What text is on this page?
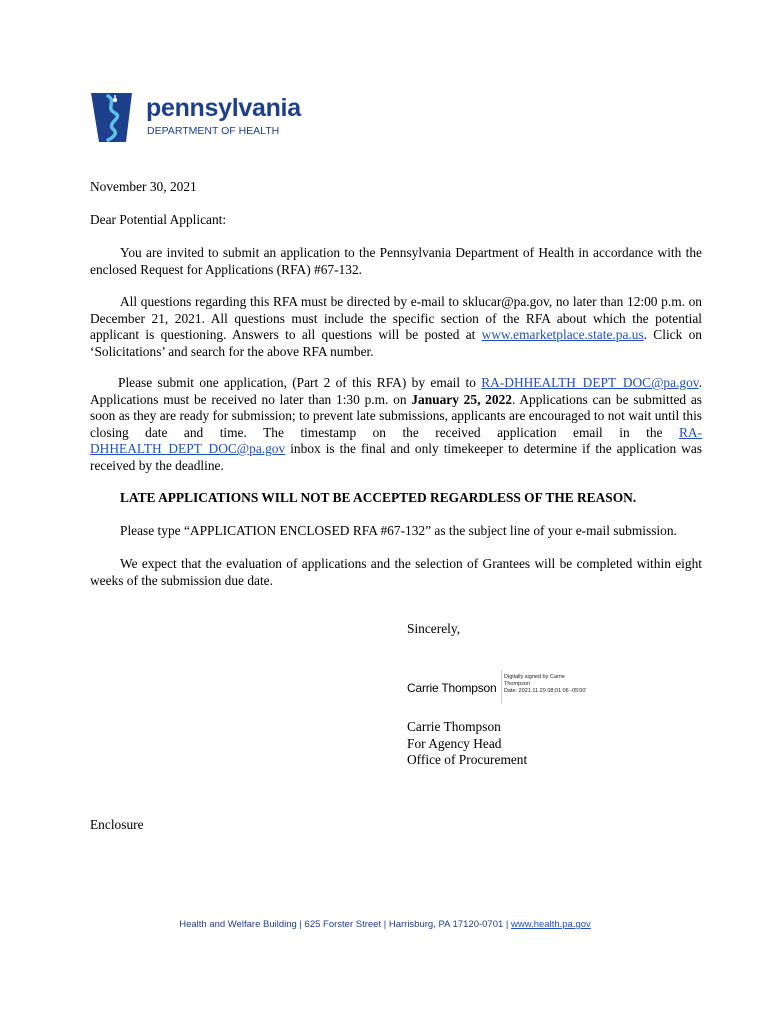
pennsylvania
DEPARTMENT OF HEALTH
November 30, 2021
Dear Potential Applicant:
You are invited to submit an application to the Pennsylvania Department of Health in accordance with the enclosed Request for Applications (RFA) #67-132.
All questions regarding this RFA must be directed by e-mail to sklucar@pa.gov, no later than 12:00 p.m. on December 21, 2021. All questions must include the specific section of the RFA about which the potential applicant is questioning. Answers to all questions will be posted at www.emarketplace.state.pa.us. Click on ‘Solicitations’ and search for the above RFA number.
Please submit one application, (Part 2 of this RFA) by email to RA-DHHEALTH_DEPT_DOC@pa.gov. Applications must be received no later than 1:30 p.m. on January 25, 2022. Applications can be submitted as soon as they are ready for submission; to prevent late submissions, applicants are encouraged to not wait until this closing date and time. The timestamp on the received application email in the RA-DHHEALTH_DEPT_DOC@pa.gov inbox is the final and only timekeeper to determine if the application was received by the deadline.
LATE APPLICATIONS WILL NOT BE ACCEPTED REGARDLESS OF THE REASON.
Please type “APPLICATION ENCLOSED RFA #67-132” as the subject line of your e-mail submission.
We expect that the evaluation of applications and the selection of Grantees will be completed within eight weeks of the submission due date.
Sincerely,
Carrie Thompson
Digitally signed by Carrie
Thompson
Date: 2021.11.29 08:01:06 -05'00'
Carrie Thompson
For Agency Head
Office of Procurement
Enclosure
Health and Welfare Building | 625 Forster Street | Harrisburg, PA 17120-0701 | www.health.pa.gov
